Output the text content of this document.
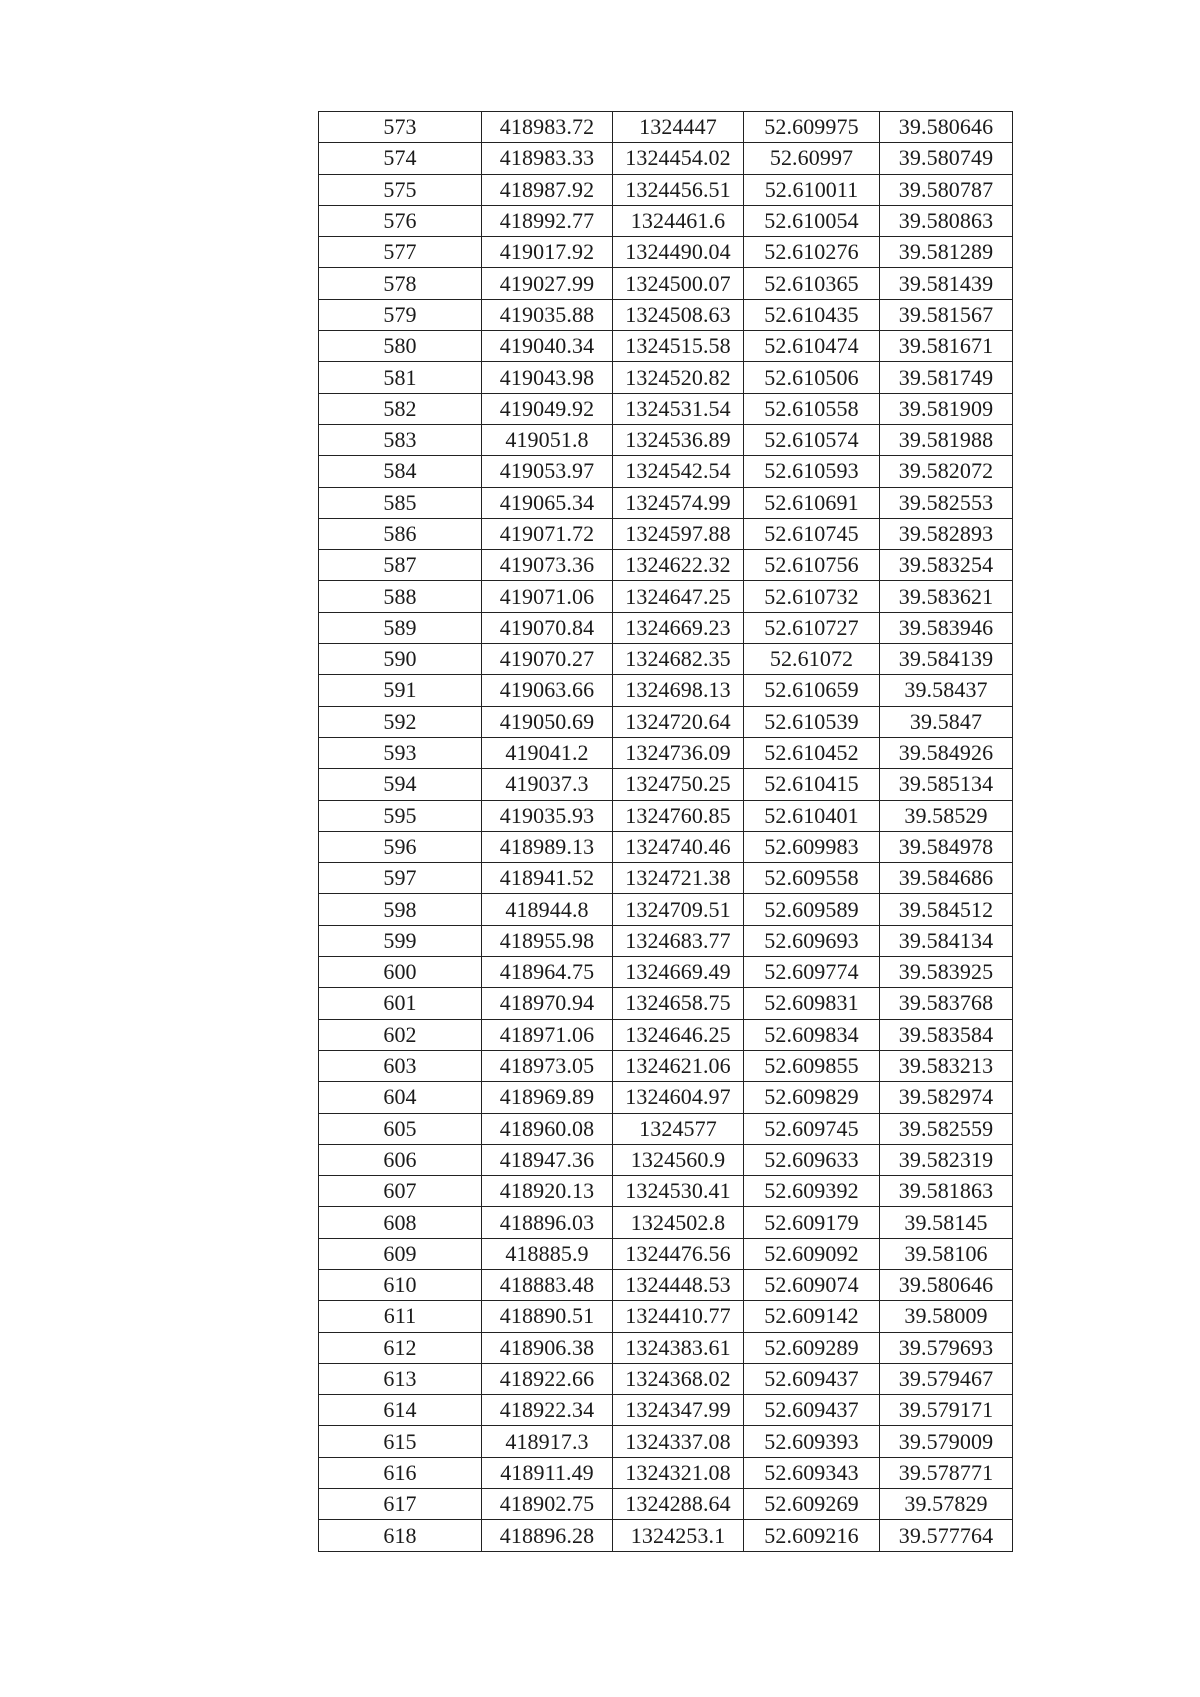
573	418983.72	1324447	52.609975	39.580646
574	418983.33	1324454.02	52.60997	39.580749
575	418987.92	1324456.51	52.610011	39.580787
576	418992.77	1324461.6	52.610054	39.580863
577	419017.92	1324490.04	52.610276	39.581289
578	419027.99	1324500.07	52.610365	39.581439
579	419035.88	1324508.63	52.610435	39.581567
580	419040.34	1324515.58	52.610474	39.581671
581	419043.98	1324520.82	52.610506	39.581749
582	419049.92	1324531.54	52.610558	39.581909
583	419051.8	1324536.89	52.610574	39.581988
584	419053.97	1324542.54	52.610593	39.582072
585	419065.34	1324574.99	52.610691	39.582553
586	419071.72	1324597.88	52.610745	39.582893
587	419073.36	1324622.32	52.610756	39.583254
588	419071.06	1324647.25	52.610732	39.583621
589	419070.84	1324669.23	52.610727	39.583946
590	419070.27	1324682.35	52.61072	39.584139
591	419063.66	1324698.13	52.610659	39.58437
592	419050.69	1324720.64	52.610539	39.5847
593	419041.2	1324736.09	52.610452	39.584926
594	419037.3	1324750.25	52.610415	39.585134
595	419035.93	1324760.85	52.610401	39.58529
596	418989.13	1324740.46	52.609983	39.584978
597	418941.52	1324721.38	52.609558	39.584686
598	418944.8	1324709.51	52.609589	39.584512
599	418955.98	1324683.77	52.609693	39.584134
600	418964.75	1324669.49	52.609774	39.583925
601	418970.94	1324658.75	52.609831	39.583768
602	418971.06	1324646.25	52.609834	39.583584
603	418973.05	1324621.06	52.609855	39.583213
604	418969.89	1324604.97	52.609829	39.582974
605	418960.08	1324577	52.609745	39.582559
606	418947.36	1324560.9	52.609633	39.582319
607	418920.13	1324530.41	52.609392	39.581863
608	418896.03	1324502.8	52.609179	39.58145
609	418885.9	1324476.56	52.609092	39.58106
610	418883.48	1324448.53	52.609074	39.580646
611	418890.51	1324410.77	52.609142	39.58009
612	418906.38	1324383.61	52.609289	39.579693
613	418922.66	1324368.02	52.609437	39.579467
614	418922.34	1324347.99	52.609437	39.579171
615	418917.3	1324337.08	52.609393	39.579009
616	418911.49	1324321.08	52.609343	39.578771
617	418902.75	1324288.64	52.609269	39.57829
618	418896.28	1324253.1	52.609216	39.577764
